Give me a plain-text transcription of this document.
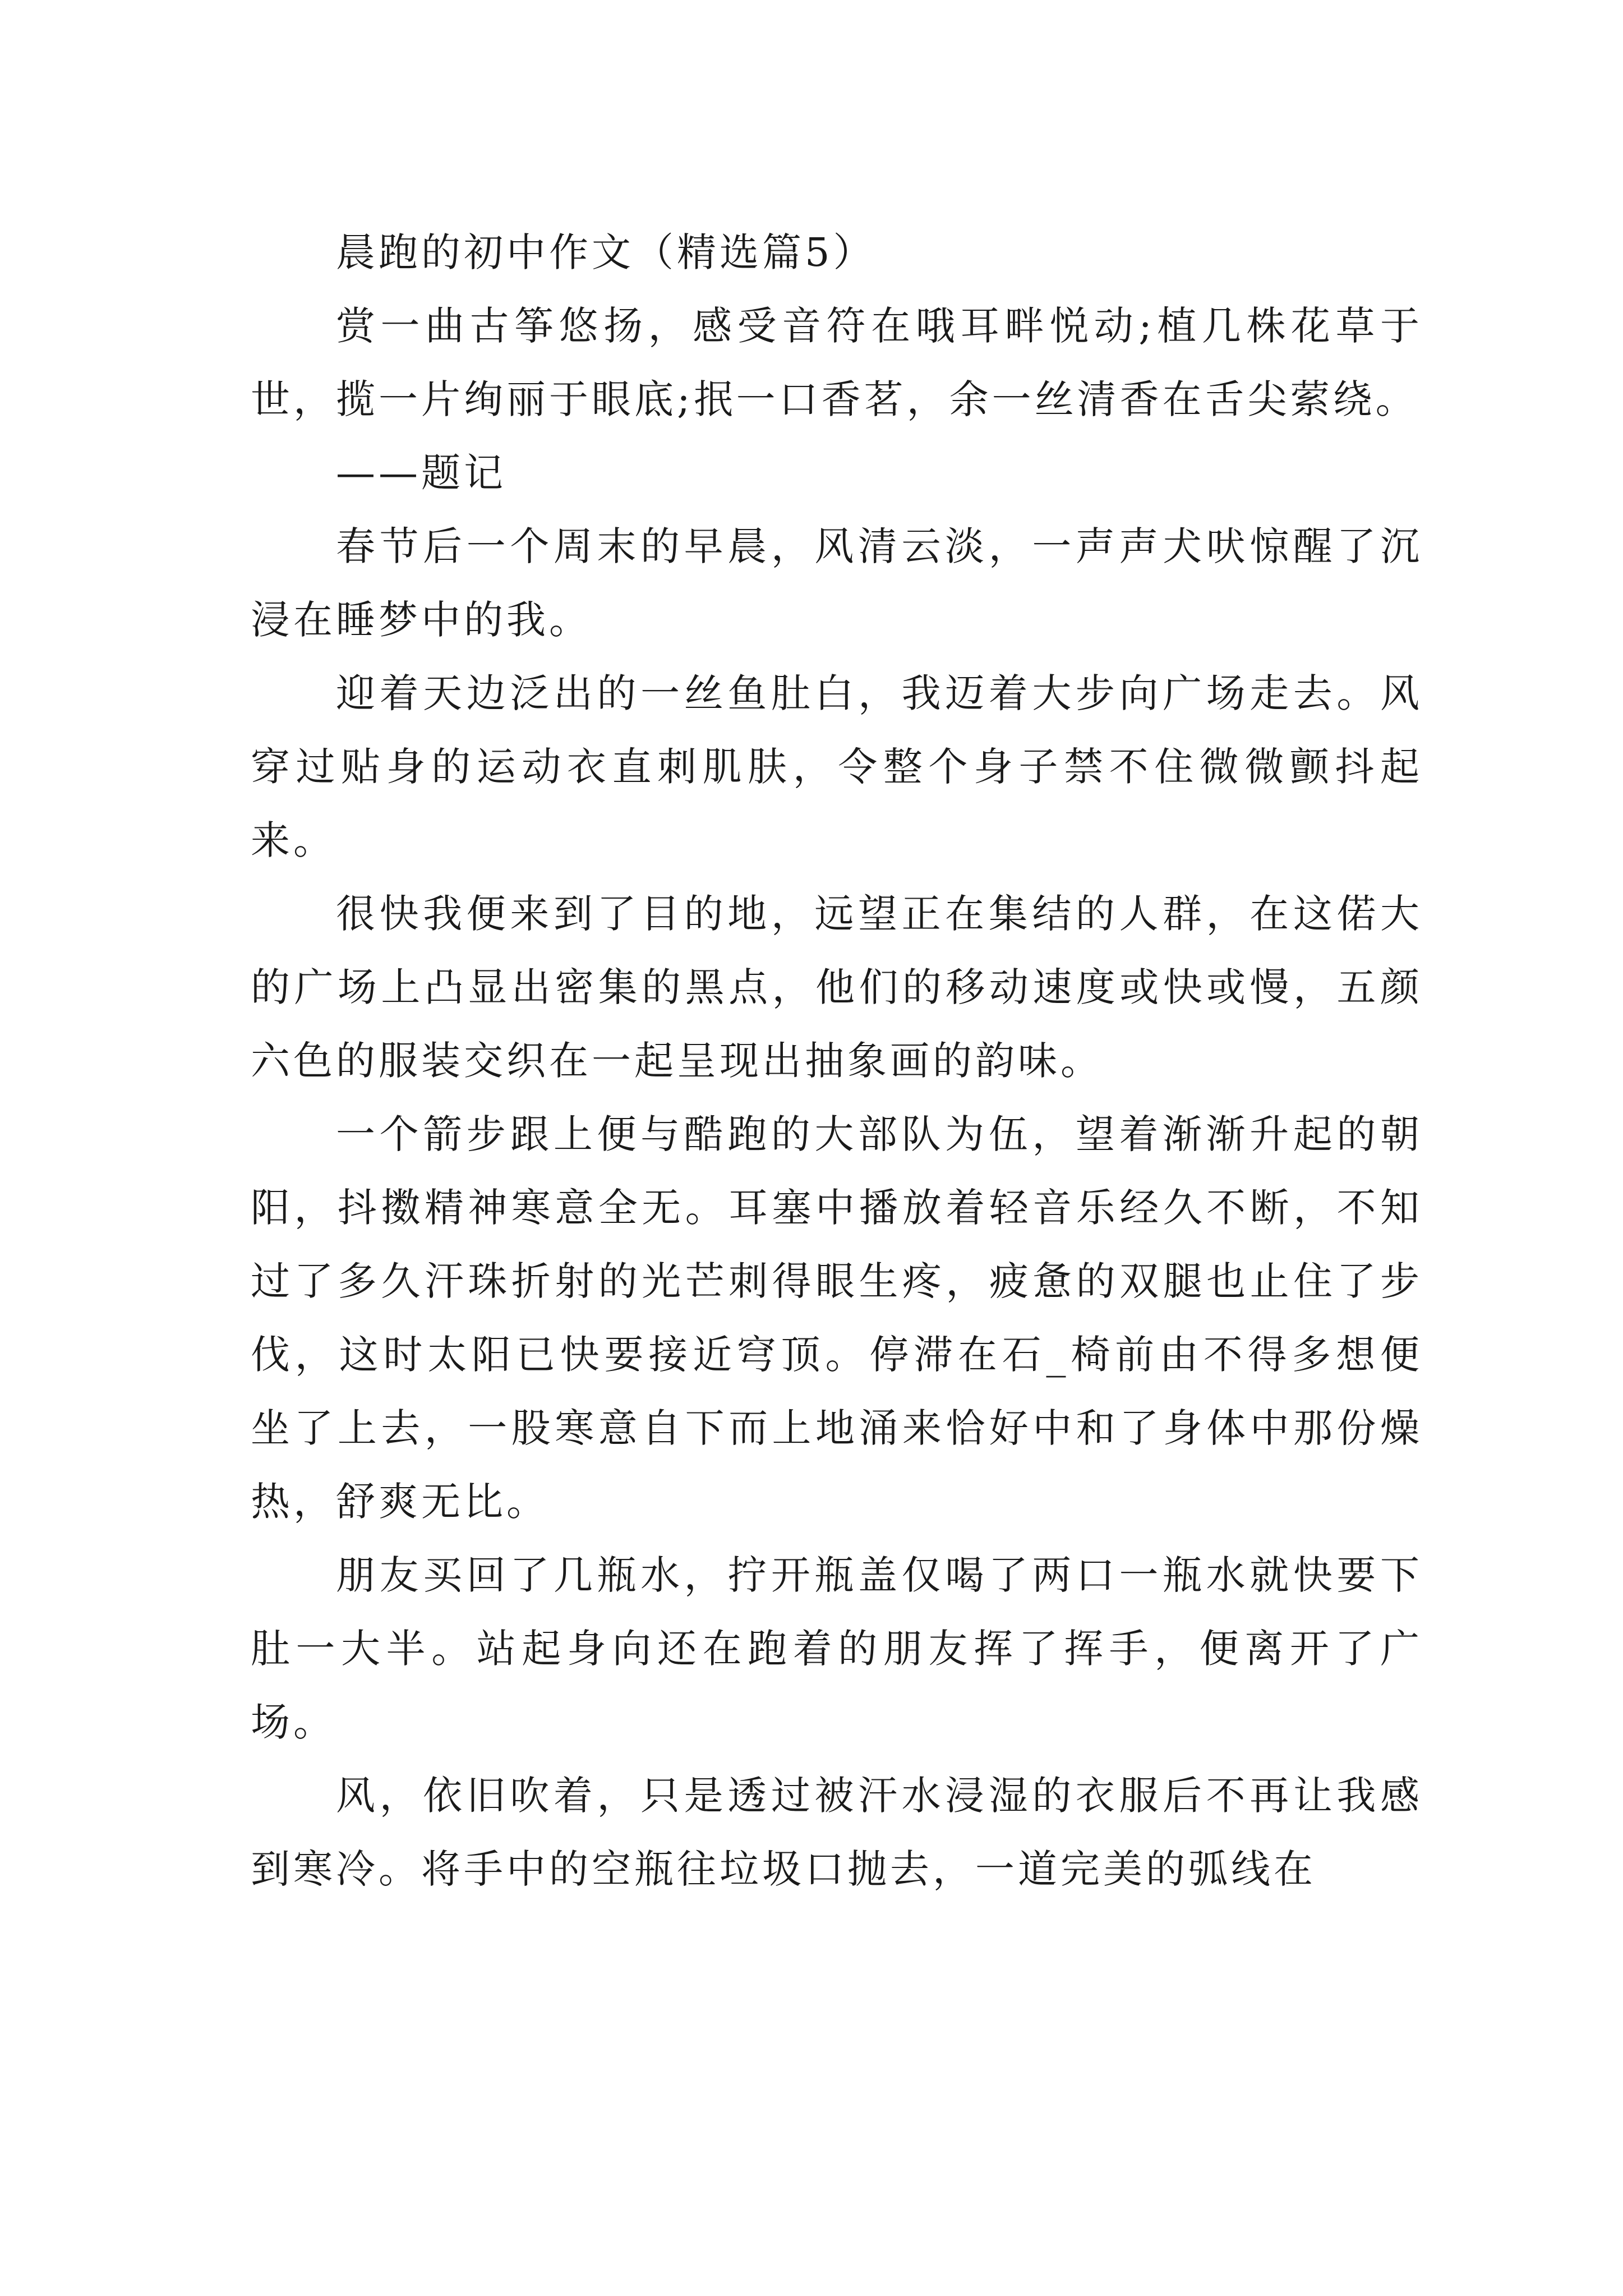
晨跑的初中作文（精选篇5）

赏一曲古筝悠扬，感受音符在哦耳畔悦动;植几株花草于世，揽一片绚丽于眼底;抿一口香茗，余一丝清香在舌尖萦绕。

——题记

春节后一个周末的早晨，风清云淡，一声声犬吠惊醒了沉浸在睡梦中的我。

迎着天边泛出的一丝鱼肚白，我迈着大步向广场走去。风穿过贴身的运动衣直刺肌肤，令整个身子禁不住微微颤抖起来。

很快我便来到了目的地，远望正在集结的人群，在这偌大的广场上凸显出密集的黑点，他们的移动速度或快或慢，五颜六色的服装交织在一起呈现出抽象画的韵味。

一个箭步跟上便与酷跑的大部队为伍，望着渐渐升起的朝阳，抖擞精神寒意全无。耳塞中播放着轻音乐经久不断，不知过了多久汗珠折射的光芒刺得眼生疼，疲惫的双腿也止住了步伐，这时太阳已快要接近穹顶。停滞在石_椅前由不得多想便坐了上去，一股寒意自下而上地涌来恰好中和了身体中那份燥热，舒爽无比。

朋友买回了几瓶水，拧开瓶盖仅喝了两口一瓶水就快要下肚一大半。站起身向还在跑着的朋友挥了挥手，便离开了广场。

风，依旧吹着，只是透过被汗水浸湿的衣服后不再让我感到寒冷。将手中的空瓶往垃圾口抛去，一道完美的弧线在
